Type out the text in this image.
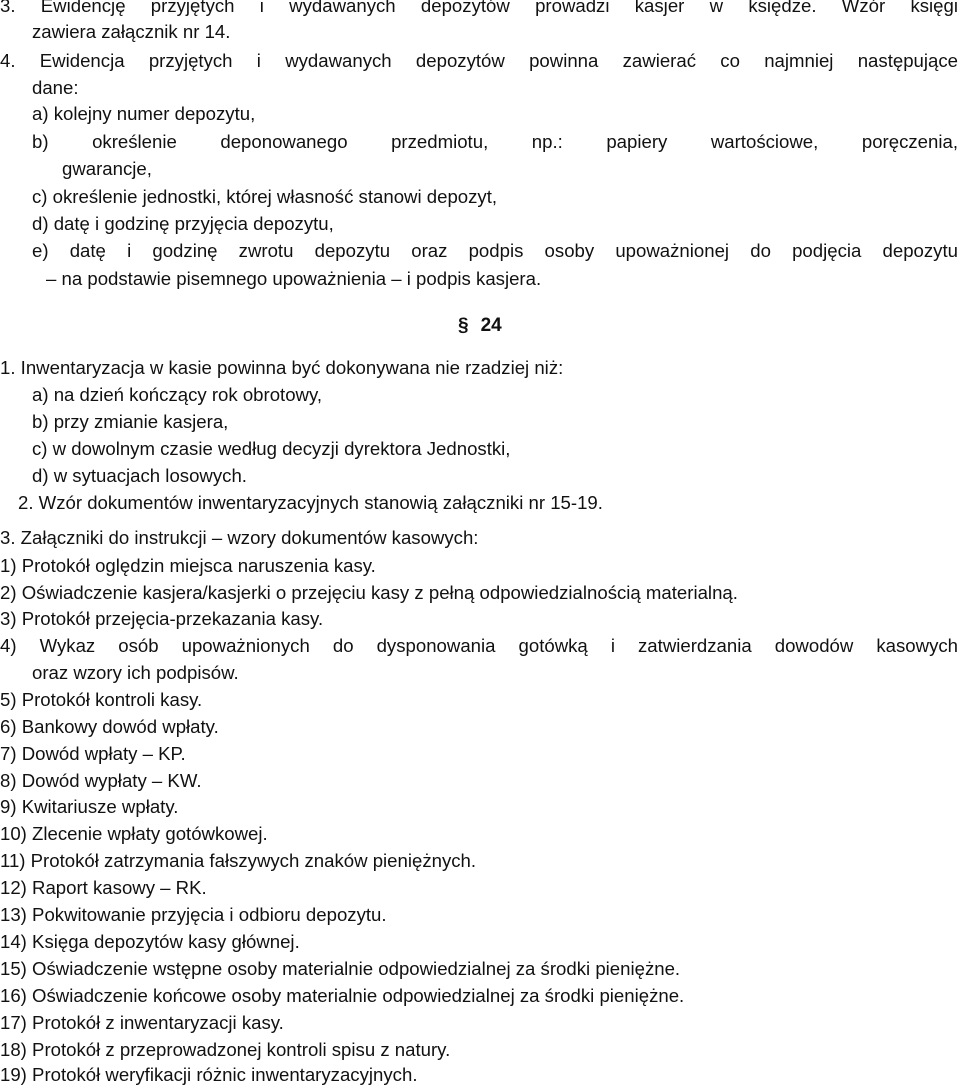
3. Ewidencję przyjętych i wydawanych depozytów prowadzi kasjer w księdze. Wzór księgi
zawiera załącznik nr 14.
4. Ewidencja przyjętych i wydawanych depozytów powinna zawierać co najmniej następujące
dane:
a) kolejny numer depozytu,
b) określenie deponowanego przedmiotu, np.: papiery wartościowe, poręczenia,
gwarancje,
c) określenie jednostki, której własność stanowi depozyt,
d) datę i godzinę przyjęcia depozytu,
e) datę i godzinę zwrotu depozytu oraz podpis osoby upoważnionej do podjęcia depozytu
– na podstawie pisemnego upoważnienia – i podpis kasjera.
§ 24
1. Inwentaryzacja w kasie powinna być dokonywana nie rzadziej niż:
a) na dzień kończący rok obrotowy,
b) przy zmianie kasjera,
c) w dowolnym czasie według decyzji dyrektora Jednostki,
d) w sytuacjach losowych.
2. Wzór dokumentów inwentaryzacyjnych stanowią załączniki nr 15-19.
3. Załączniki do instrukcji – wzory dokumentów kasowych:
1) Protokół oględzin miejsca naruszenia kasy.
2) Oświadczenie kasjera/kasjerki o przejęciu kasy z pełną odpowiedzialnością materialną.
3) Protokół przejęcia-przekazania kasy.
4) Wykaz osób upoważnionych do dysponowania gotówką i zatwierdzania dowodów kasowych
oraz wzory ich podpisów.
5) Protokół kontroli kasy.
6) Bankowy dowód wpłaty.
7) Dowód wpłaty – KP.
8) Dowód wypłaty – KW.
9) Kwitariusze wpłaty.
10) Zlecenie wpłaty gotówkowej.
11) Protokół zatrzymania fałszywych znaków pieniężnych.
12) Raport kasowy – RK.
13) Pokwitowanie przyjęcia i odbioru depozytu.
14) Księga depozytów kasy głównej.
15) Oświadczenie wstępne osoby materialnie odpowiedzialnej za środki pieniężne.
16) Oświadczenie końcowe osoby materialnie odpowiedzialnej za środki pieniężne.
17) Protokół z inwentaryzacji kasy.
18) Protokół z przeprowadzonej kontroli spisu z natury.
19) Protokół weryfikacji różnic inwentaryzacyjnych.
